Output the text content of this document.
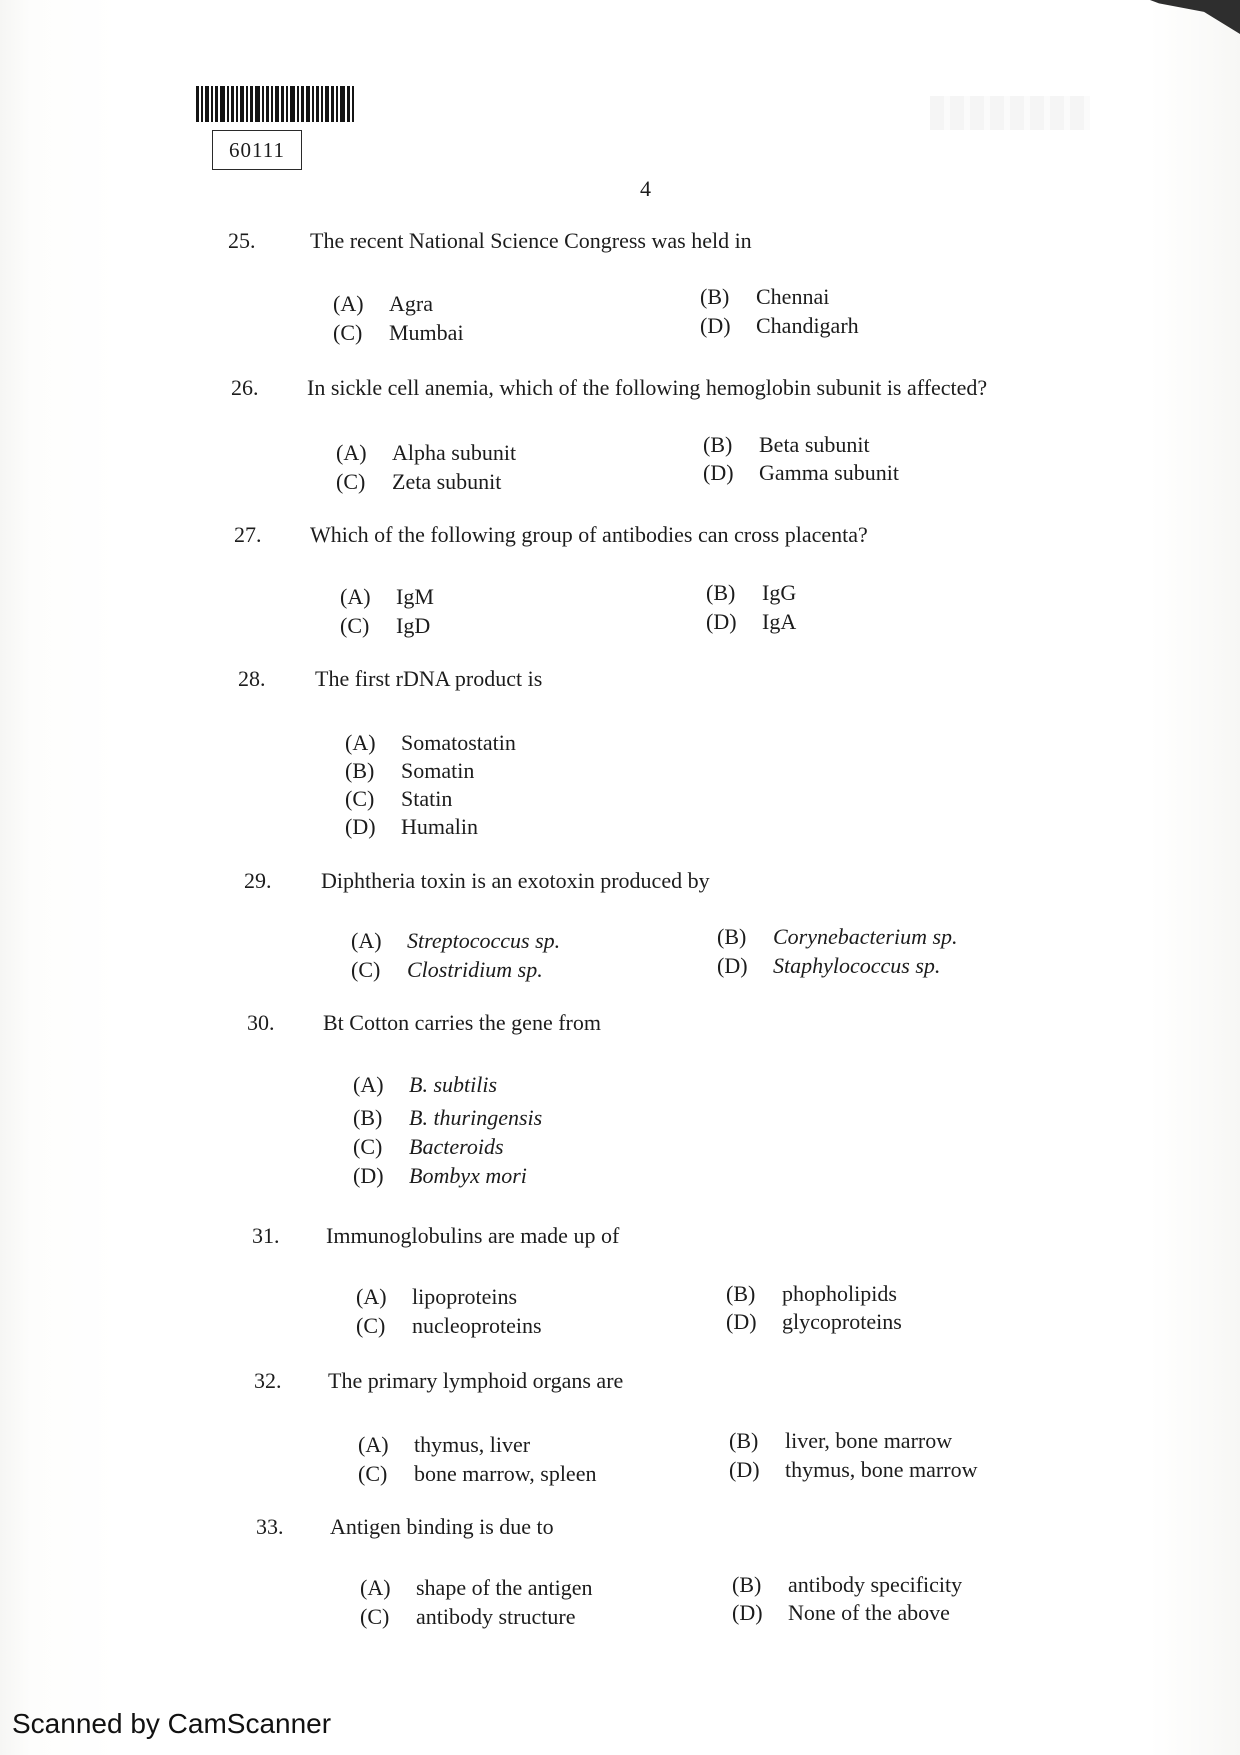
60111
4
25. The recent National Science Congress was held in
(A) Agra	(B) Chennai
(C) Mumbai	(D) Chandigarh
26. In sickle cell anemia, which of the following hemoglobin subunit is affected?
(A) Alpha subunit	(B) Beta subunit
(C) Zeta subunit	(D) Gamma subunit
27. Which of the following group of antibodies can cross placenta?
(A) IgM	(B) IgG
(C) IgD	(D) IgA
28. The first rDNA product is
(A) Somatostatin
(B) Somatin
(C) Statin
(D) Humalin
29. Diphtheria toxin is an exotoxin produced by
(A) Streptococcus sp.	(B) Corynebacterium sp.
(C) Clostridium sp.	(D) Staphylococcus sp.
30. Bt Cotton carries the gene from
(A) B. subtilis
(B) B. thuringensis
(C) Bacteroids
(D) Bombyx mori
31. Immunoglobulins are made up of
(A) lipoproteins	(B) phopholipids
(C) nucleoproteins	(D) glycoproteins
32. The primary lymphoid organs are
(A) thymus, liver	(B) liver, bone marrow
(C) bone marrow, spleen	(D) thymus, bone marrow
33. Antigen binding is due to
(A) shape of the antigen	(B) antibody specificity
(C) antibody structure	(D) None of the above
Scanned by CamScanner
